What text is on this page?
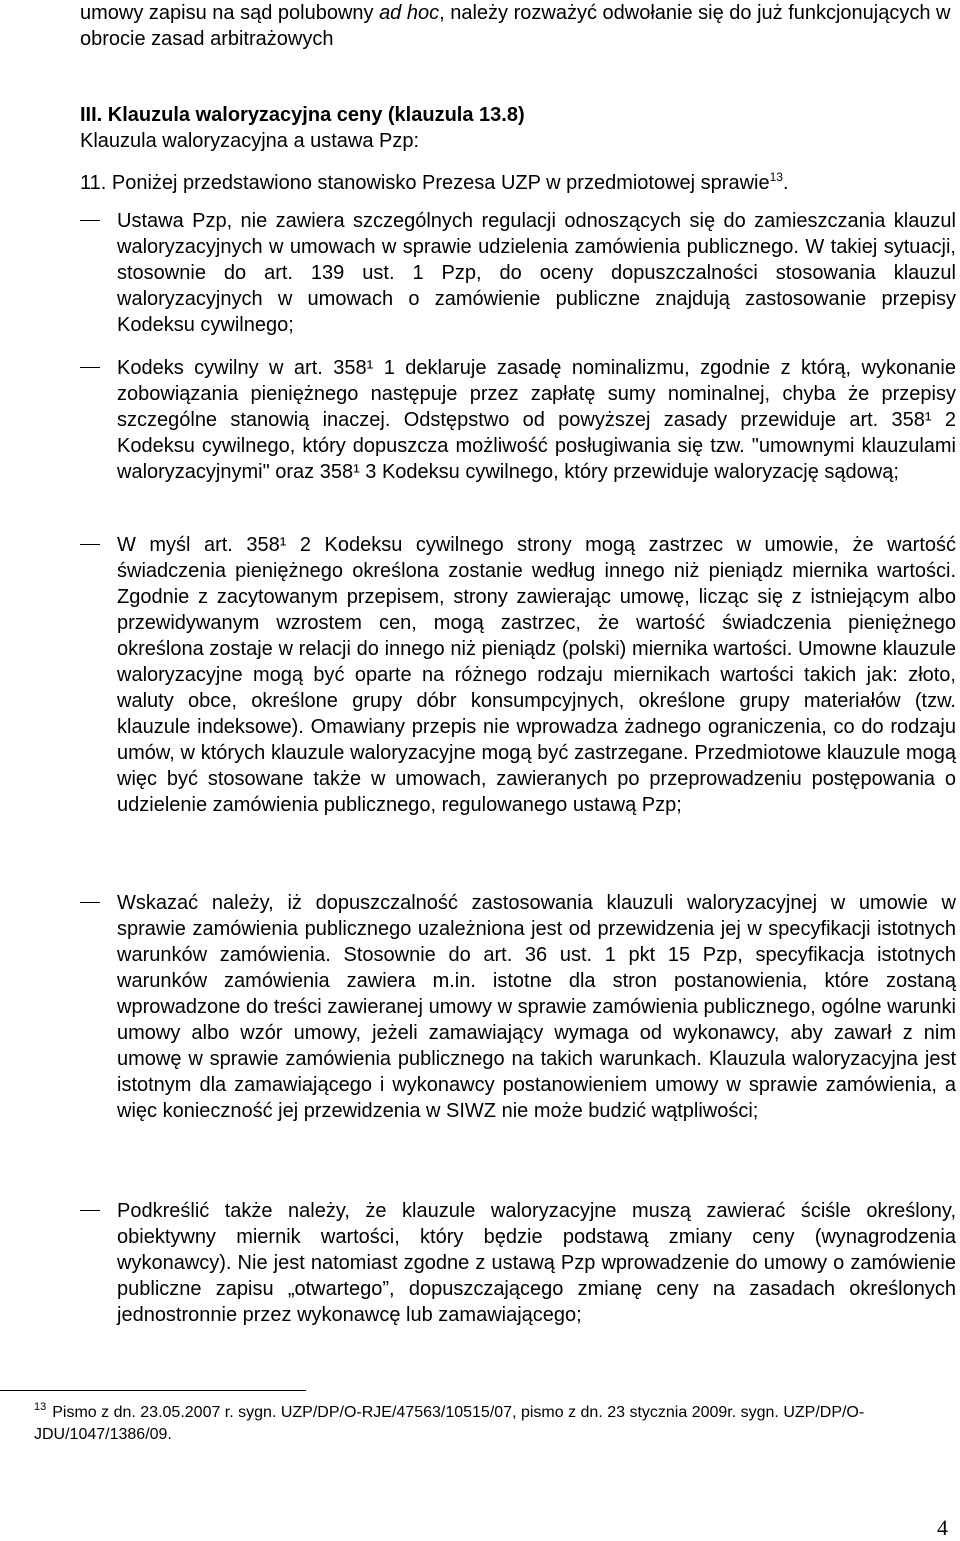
umowy zapisu na sąd polubowny ad hoc, należy rozważyć odwołanie się do już funkcjonujących w obrocie zasad arbitrażowych

III. Klauzula waloryzacyjna ceny (klauzula 13.8)

Klauzula waloryzacyjna a ustawa Pzp:

11. Poniżej przedstawiono stanowisko Prezesa UZP w przedmiotowej sprawie$^{13}$.

Ustawa Pzp, nie zawiera szczególnych regulacji odnoszących się do zamieszczania klauzul waloryzacyjnych w umowach w sprawie udzielenia zamówienia publicznego. W takiej sytuacji, stosownie do art. 139 ust. 1 Pzp, do oceny dopuszczalności stosowania klauzul waloryzacyjnych w umowach o zamówienie publiczne znajdują zastosowanie przepisy Kodeksu cywilnego;

Kodeks cywilny w art. 358¹ 1 deklaruje zasadę nominalizmu, zgodnie z którą, wykonanie zobowiązania pieniężnego następuje przez zapłatę sumy nominalnej, chyba że przepisy szczególne stanowią inaczej. Odstępstwo od powyższej zasady przewiduje art. 358¹ 2 Kodeksu cywilnego, który dopuszcza możliwość posługiwania się tzw. "umownymi klauzulami waloryzacyjnymi" oraz 358¹ 3 Kodeksu cywilnego, który przewiduje waloryzację sądową;

W myśl art. 358¹ 2 Kodeksu cywilnego strony mogą zastrzec w umowie, że wartość świadczenia pieniężnego określona zostanie według innego niż pieniądz miernika wartości. Zgodnie z zacytowanym przepisem, strony zawierając umowę, licząc się z istniejącym albo przewidywanym wzrostem cen, mogą zastrzec, że wartość świadczenia pieniężnego określona zostaje w relacji do innego niż pieniądz (polski) miernika wartości. Umowne klauzule waloryzacyjne mogą być oparte na różnego rodzaju miernikach wartości takich jak: złoto, waluty obce, określone grupy dóbr konsumpcyjnych, określone grupy materiałów (tzw. klauzule indeksowe). Omawiany przepis nie wprowadza żadnego ograniczenia, co do rodzaju umów, w których klauzule waloryzacyjne mogą być zastrzegane. Przedmiotowe klauzule mogą więc być stosowane także w umowach, zawieranych po przeprowadzeniu postępowania o udzielenie zamówienia publicznego, regulowanego ustawą Pzp;

Wskazać należy, iż dopuszczalność zastosowania klauzuli waloryzacyjnej w umowie w sprawie zamówienia publicznego uzależniona jest od przewidzenia jej w specyfikacji istotnych warunków zamówienia. Stosownie do art. 36 ust. 1 pkt 15 Pzp, specyfikacja istotnych warunków zamówienia zawiera m.in. istotne dla stron postanowienia, które zostaną wprowadzone do treści zawieranej umowy w sprawie zamówienia publicznego, ogólne warunki umowy albo wzór umowy, jeżeli zamawiający wymaga od wykonawcy, aby zawarł z nim umowę w sprawie zamówienia publicznego na takich warunkach. Klauzula waloryzacyjna jest istotnym dla zamawiającego i wykonawcy postanowieniem umowy w sprawie zamówienia, a więc konieczność jej przewidzenia w SIWZ nie może budzić wątpliwości;

Podkreślić także należy, że klauzule waloryzacyjne muszą zawierać ściśle określony, obiektywny miernik wartości, który będzie podstawą zmiany ceny (wynagrodzenia wykonawcy). Nie jest natomiast zgodne z ustawą Pzp wprowadzenie do umowy o zamówienie publiczne zapisu „otwartego”, dopuszczającego zmianę ceny na zasadach określonych jednostronnie przez wykonawcę lub zamawiającego;

$^{13}$ Pismo z dn. 23.05.2007 r. sygn. UZP/DP/O-RJE/47563/10515/07, pismo z dn. 23 stycznia 2009r. sygn. UZP/DP/O-JDU/1047/1386/09.

4
